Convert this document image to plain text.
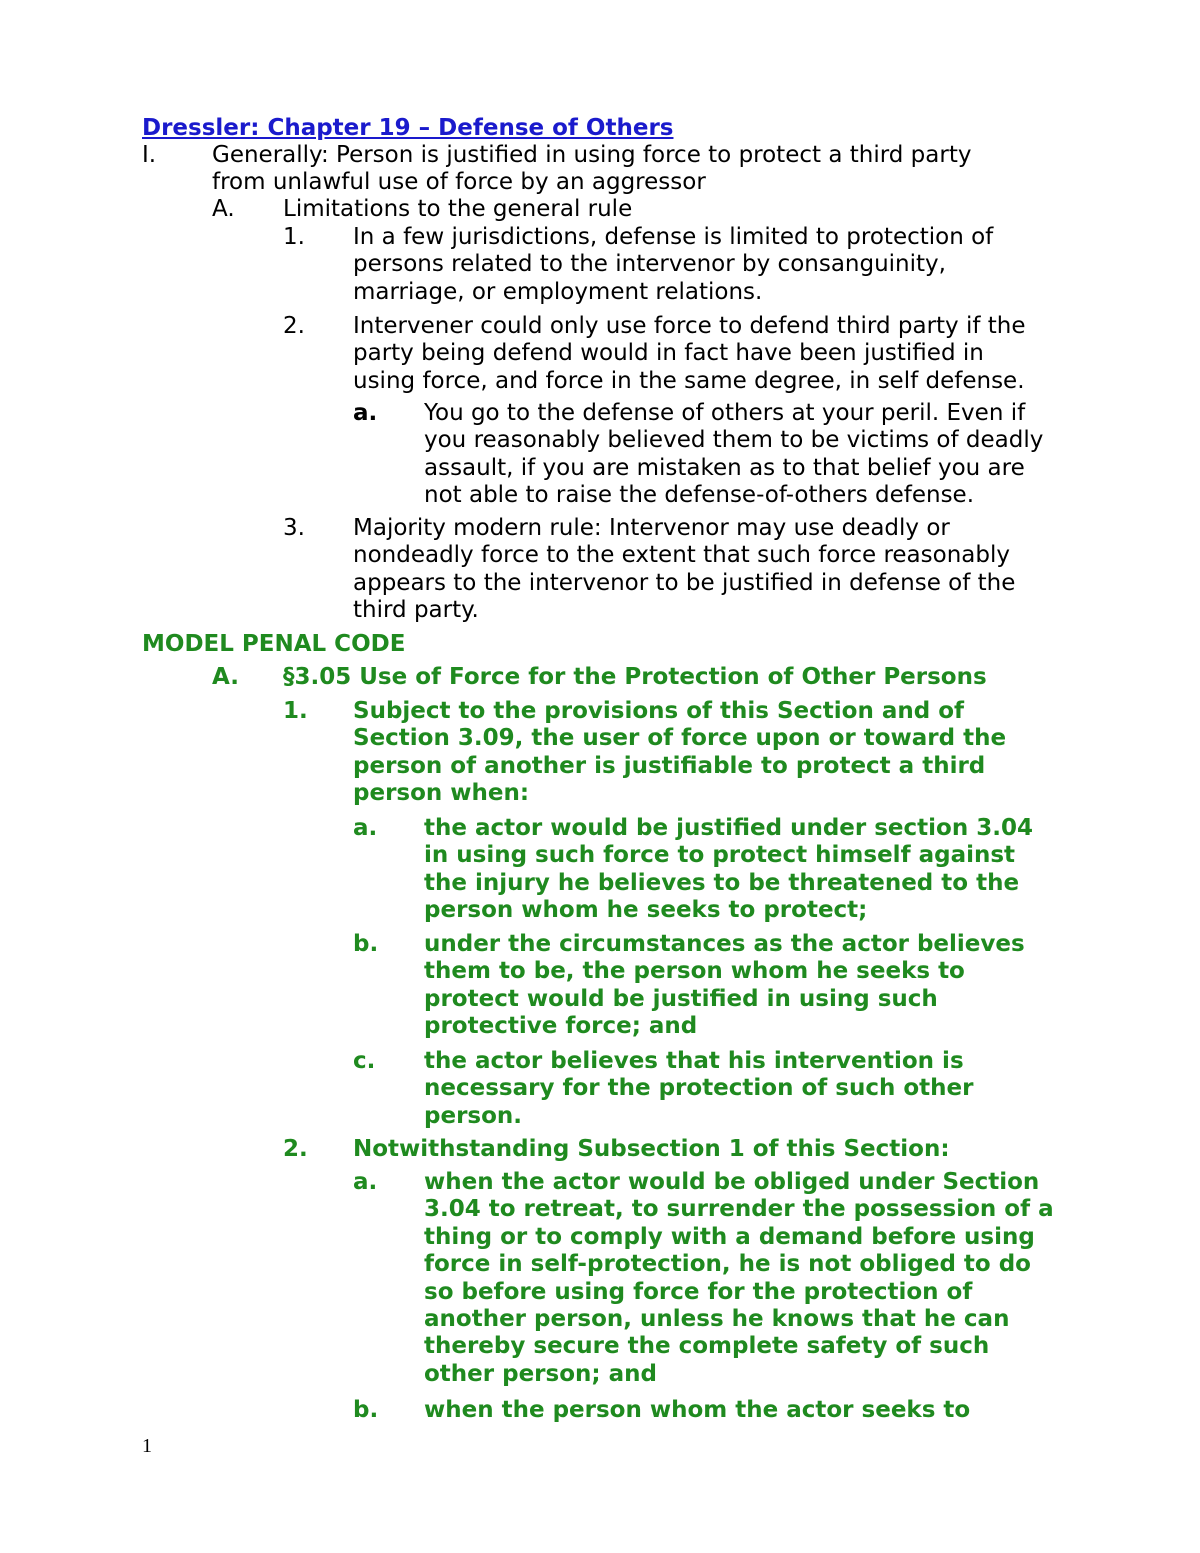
Dressler: Chapter 19 – Defense of Others
I. Generally: Person is justified in using force to protect a third party
from unlawful use of force by an aggressor
A. Limitations to the general rule
1. In a few jurisdictions, defense is limited to protection of
persons related to the intervenor by consanguinity,
marriage, or employment relations.
2. Intervener could only use force to defend third party if the
party being defend would in fact have been justified in
using force, and force in the same degree, in self defense.
a. You go to the defense of others at your peril. Even if
you reasonably believed them to be victims of deadly
assault, if you are mistaken as to that belief you are
not able to raise the defense-of-others defense.
3. Majority modern rule: Intervenor may use deadly or
nondeadly force to the extent that such force reasonably
appears to the intervenor to be justified in defense of the
third party.
MODEL PENAL CODE
A. §3.05 Use of Force for the Protection of Other Persons
1. Subject to the provisions of this Section and of
Section 3.09, the user of force upon or toward the
person of another is justifiable to protect a third
person when:
a. the actor would be justified under section 3.04
in using such force to protect himself against
the injury he believes to be threatened to the
person whom he seeks to protect;
b. under the circumstances as the actor believes
them to be, the person whom he seeks to
protect would be justified in using such
protective force; and
c. the actor believes that his intervention is
necessary for the protection of such other
person.
2. Notwithstanding Subsection 1 of this Section:
a. when the actor would be obliged under Section
3.04 to retreat, to surrender the possession of a
thing or to comply with a demand before using
force in self-protection, he is not obliged to do
so before using force for the protection of
another person, unless he knows that he can
thereby secure the complete safety of such
other person; and
b. when the person whom the actor seeks to
1
